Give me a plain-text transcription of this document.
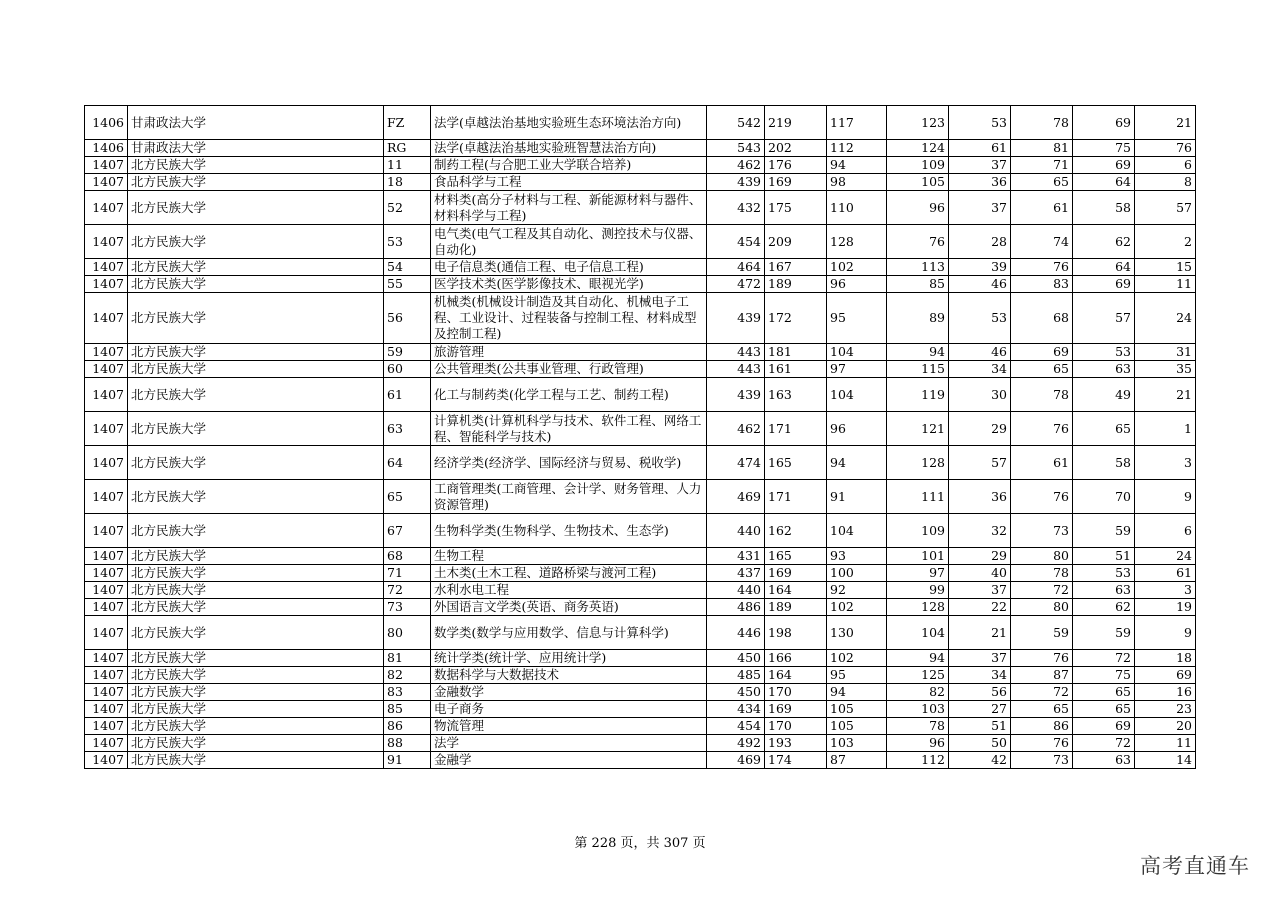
1406	甘肃政法大学	FZ	法学(卓越法治基地实验班生态环境法治方向)	542	219	117	123	53	78	69	21
1406	甘肃政法大学	RG	法学(卓越法治基地实验班智慧法治方向)	543	202	112	124	61	81	75	76
1407	北方民族大学	11	制药工程(与合肥工业大学联合培养)	462	176	94	109	37	71	69	6
1407	北方民族大学	18	食品科学与工程	439	169	98	105	36	65	64	8
1407	北方民族大学	52	材料类(高分子材料与工程、新能源材料与器件、材料科学与工程)	432	175	110	96	37	61	58	57
1407	北方民族大学	53	电气类(电气工程及其自动化、测控技术与仪器、自动化)	454	209	128	76	28	74	62	2
1407	北方民族大学	54	电子信息类(通信工程、电子信息工程)	464	167	102	113	39	76	64	15
1407	北方民族大学	55	医学技术类(医学影像技术、眼视光学)	472	189	96	85	46	83	69	11
1407	北方民族大学	56	机械类(机械设计制造及其自动化、机械电子工程、工业设计、过程装备与控制工程、材料成型及控制工程)	439	172	95	89	53	68	57	24
1407	北方民族大学	59	旅游管理	443	181	104	94	46	69	53	31
1407	北方民族大学	60	公共管理类(公共事业管理、行政管理)	443	161	97	115	34	65	63	35
1407	北方民族大学	61	化工与制药类(化学工程与工艺、制药工程)	439	163	104	119	30	78	49	21
1407	北方民族大学	63	计算机类(计算机科学与技术、软件工程、网络工程、智能科学与技术)	462	171	96	121	29	76	65	1
1407	北方民族大学	64	经济学类(经济学、国际经济与贸易、税收学)	474	165	94	128	57	61	58	3
1407	北方民族大学	65	工商管理类(工商管理、会计学、财务管理、人力资源管理)	469	171	91	111	36	76	70	9
1407	北方民族大学	67	生物科学类(生物科学、生物技术、生态学)	440	162	104	109	32	73	59	6
1407	北方民族大学	68	生物工程	431	165	93	101	29	80	51	24
1407	北方民族大学	71	土木类(土木工程、道路桥梁与渡河工程)	437	169	100	97	40	78	53	61
1407	北方民族大学	72	水利水电工程	440	164	92	99	37	72	63	3
1407	北方民族大学	73	外国语言文学类(英语、商务英语)	486	189	102	128	22	80	62	19
1407	北方民族大学	80	数学类(数学与应用数学、信息与计算科学)	446	198	130	104	21	59	59	9
1407	北方民族大学	81	统计学类(统计学、应用统计学)	450	166	102	94	37	76	72	18
1407	北方民族大学	82	数据科学与大数据技术	485	164	95	125	34	87	75	69
1407	北方民族大学	83	金融数学	450	170	94	82	56	72	65	16
1407	北方民族大学	85	电子商务	434	169	105	103	27	65	65	23
1407	北方民族大学	86	物流管理	454	170	105	78	51	86	69	20
1407	北方民族大学	88	法学	492	193	103	96	50	76	72	11
1407	北方民族大学	91	金融学	469	174	87	112	42	73	63	14
第 228 页，共 307 页
高考直通车
